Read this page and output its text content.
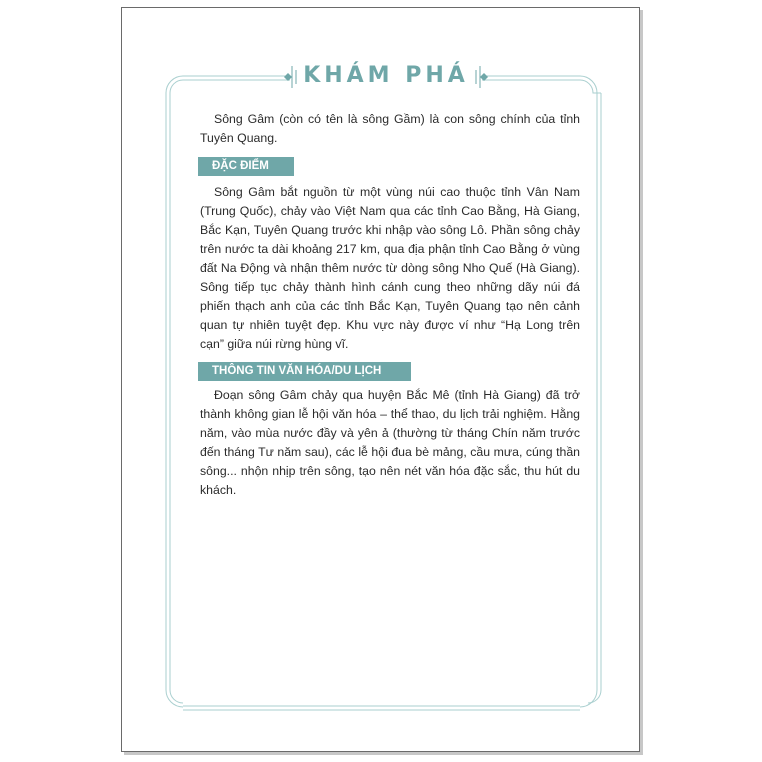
KHÁM PHÁ

Sông Gâm (còn có tên là sông Gầm) là con sông chính của tỉnh Tuyên Quang.

ĐẶC ĐIỂM

Sông Gâm bắt nguồn từ một vùng núi cao thuộc tỉnh Vân Nam (Trung Quốc), chảy vào Việt Nam qua các tỉnh Cao Bằng, Hà Giang, Bắc Kạn, Tuyên Quang trước khi nhập vào sông Lô. Phần sông chảy trên nước ta dài khoảng 217 km, qua địa phận tỉnh Cao Bằng ở vùng đất Na Động và nhận thêm nước từ dòng sông Nho Quế (Hà Giang). Sông tiếp tục chảy thành hình cánh cung theo những dãy núi đá phiến thạch anh của các tỉnh Bắc Kạn, Tuyên Quang tạo nên cảnh quan tự nhiên tuyệt đẹp. Khu vực này được ví như “Hạ Long trên cạn” giữa núi rừng hùng vĩ.

THÔNG TIN VĂN HÓA/DU LỊCH

Đoạn sông Gâm chảy qua huyện Bắc Mê (tỉnh Hà Giang) đã trở thành không gian lễ hội văn hóa – thể thao, du lịch trải nghiệm. Hằng năm, vào mùa nước đầy và yên ả (thường từ tháng Chín năm trước đến tháng Tư năm sau), các lễ hội đua bè mảng, cầu mưa, cúng thần sông... nhộn nhịp trên sông, tạo nên nét văn hóa đặc sắc, thu hút du khách.
